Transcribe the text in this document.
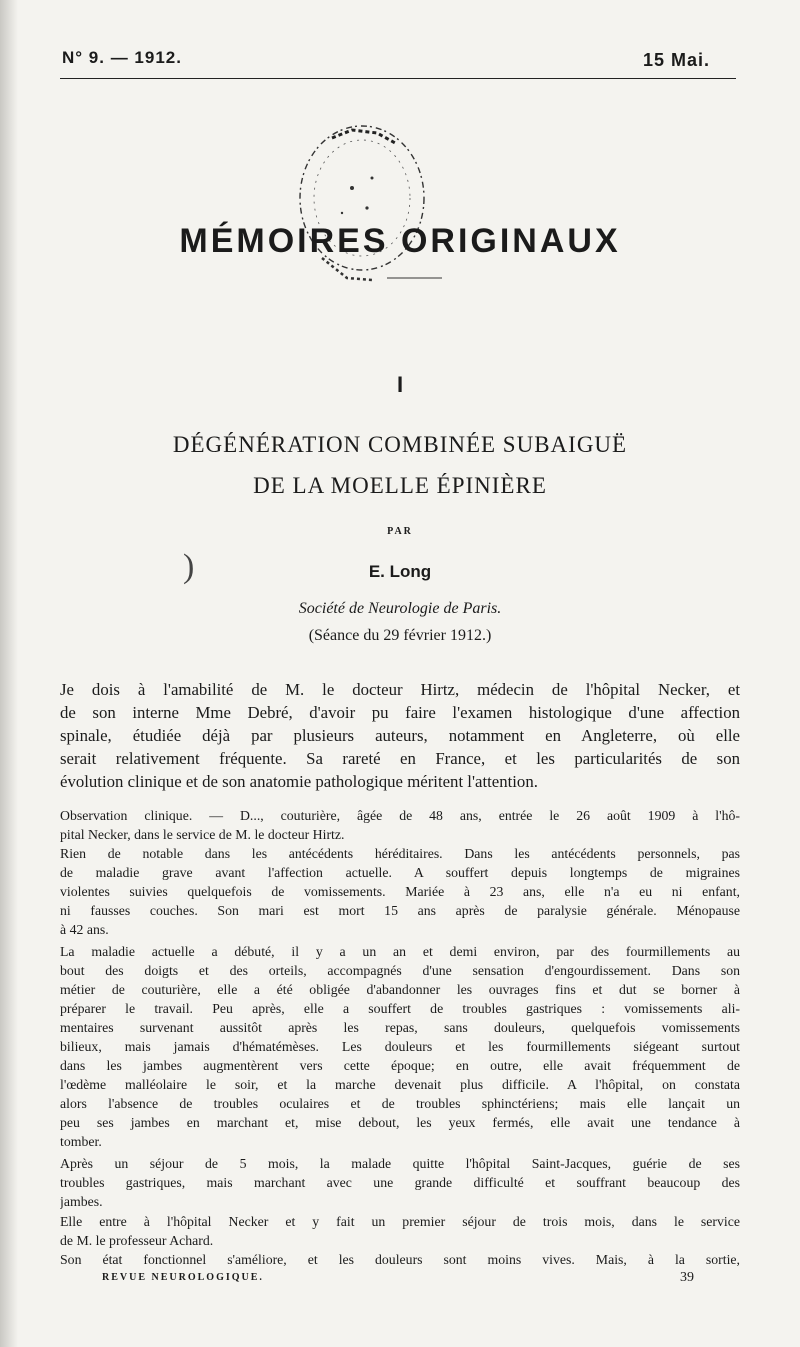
N° 9. — 1912.	15 Mai.
MÉMOIRES ORIGINAUX
I
DÉGÉNÉRATION COMBINÉE SUBAIGUË
DE LA MOELLE ÉPINIÈRE
PAR
)	E. Long
Société de Neurologie de Paris.
(Séance du 29 février 1912.)
Je dois à l'amabilité de M. le docteur Hirtz, médecin de l'hôpital Necker, et
de son interne Mme Debré, d'avoir pu faire l'examen histologique d'une affection
spinale, étudiée déjà par plusieurs auteurs, notamment en Angleterre, où elle
serait relativement fréquente. Sa rareté en France, et les particularités de son
évolution clinique et de son anatomie pathologique méritent l'attention.
Observation clinique. — D..., couturière, âgée de 48 ans, entrée le 26 août 1909 à l'hô-
pital Necker, dans le service de M. le docteur Hirtz.
Rien de notable dans les antécédents héréditaires. Dans les antécédents personnels, pas
de maladie grave avant l'affection actuelle. A souffert depuis longtemps de migraines
violentes suivies quelquefois de vomissements. Mariée à 23 ans, elle n'a eu ni enfant,
ni fausses couches. Son mari est mort 15 ans après de paralysie générale. Ménopause
à 42 ans.
La maladie actuelle a débuté, il y a un an et demi environ, par des fourmillements au
bout des doigts et des orteils, accompagnés d'une sensation d'engourdissement. Dans son
métier de couturière, elle a été obligée d'abandonner les ouvrages fins et dut se borner à
préparer le travail. Peu après, elle a souffert de troubles gastriques : vomissements ali-
mentaires survenant aussitôt après les repas, sans douleurs, quelquefois vomissements
bilieux, mais jamais d'hématémèses. Les douleurs et les fourmillements siégeant surtout
dans les jambes augmentèrent vers cette époque; en outre, elle avait fréquemment de
l'œdème malléolaire le soir, et la marche devenait plus difficile. A l'hôpital, on constata
alors l'absence de troubles oculaires et de troubles sphinctériens; mais elle lançait un
peu ses jambes en marchant et, mise debout, les yeux fermés, elle avait une tendance à
tomber.
Après un séjour de 5 mois, la malade quitte l'hôpital Saint-Jacques, guérie de ses
troubles gastriques, mais marchant avec une grande difficulté et souffrant beaucoup des
jambes.
Elle entre à l'hôpital Necker et y fait un premier séjour de trois mois, dans le service
de M. le professeur Achard.
Son état fonctionnel s'améliore, et les douleurs sont moins vives. Mais, à la sortie,
REVUE NEUROLOGIQUE.	39
